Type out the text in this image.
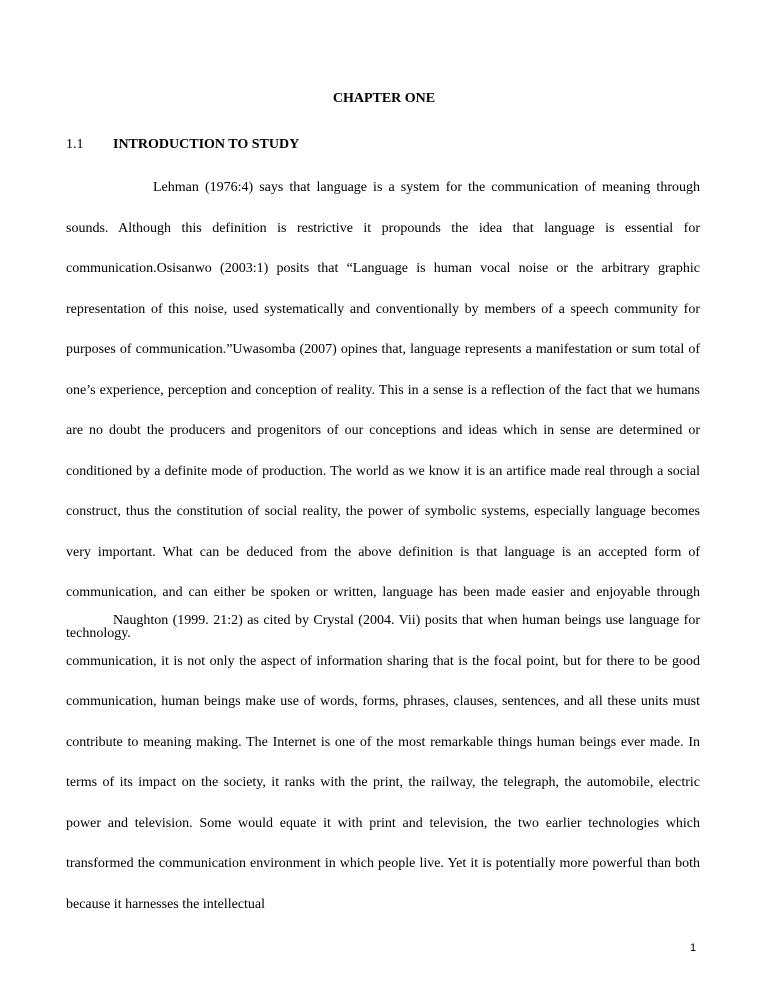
CHAPTER ONE
1.1 INTRODUCTION TO STUDY

Lehman (1976:4) says that language is a system for the communication of meaning through sounds. Although this definition is restrictive it propounds the idea that language is essential for communication.Osisanwo (2003:1) posits that “Language is human vocal noise or the arbitrary graphic representation of this noise, used systematically and conventionally by members of a speech community for purposes of communication.”Uwasomba (2007) opines that, language represents a manifestation or sum total of one’s experience, perception and conception of reality. This in a sense is a reflection of the fact that we humans are no doubt the producers and progenitors of our conceptions and ideas which in sense are determined or conditioned by a definite mode of production. The world as we know it is an artifice made real through a social construct, thus the constitution of social reality, the power of symbolic systems, especially language becomes very important. What can be deduced from the above definition is that language is an accepted form of communication, and can either be spoken or written, language has been made easier and enjoyable through technology.

Naughton (1999. 21:2) as cited by Crystal (2004. Vii) posits that when human beings use language for communication, it is not only the aspect of information sharing that is the focal point, but for there to be good communication, human beings make use of words, forms, phrases, clauses, sentences, and all these units must contribute to meaning making. The Internet is one of the most remarkable things human beings ever made. In terms of its impact on the society, it ranks with the print, the railway, the telegraph, the automobile, electric power and television. Some would equate it with print and television, the two earlier technologies which transformed the communication environment in which people live. Yet it is potentially more powerful than both because it harnesses the intellectual

1
